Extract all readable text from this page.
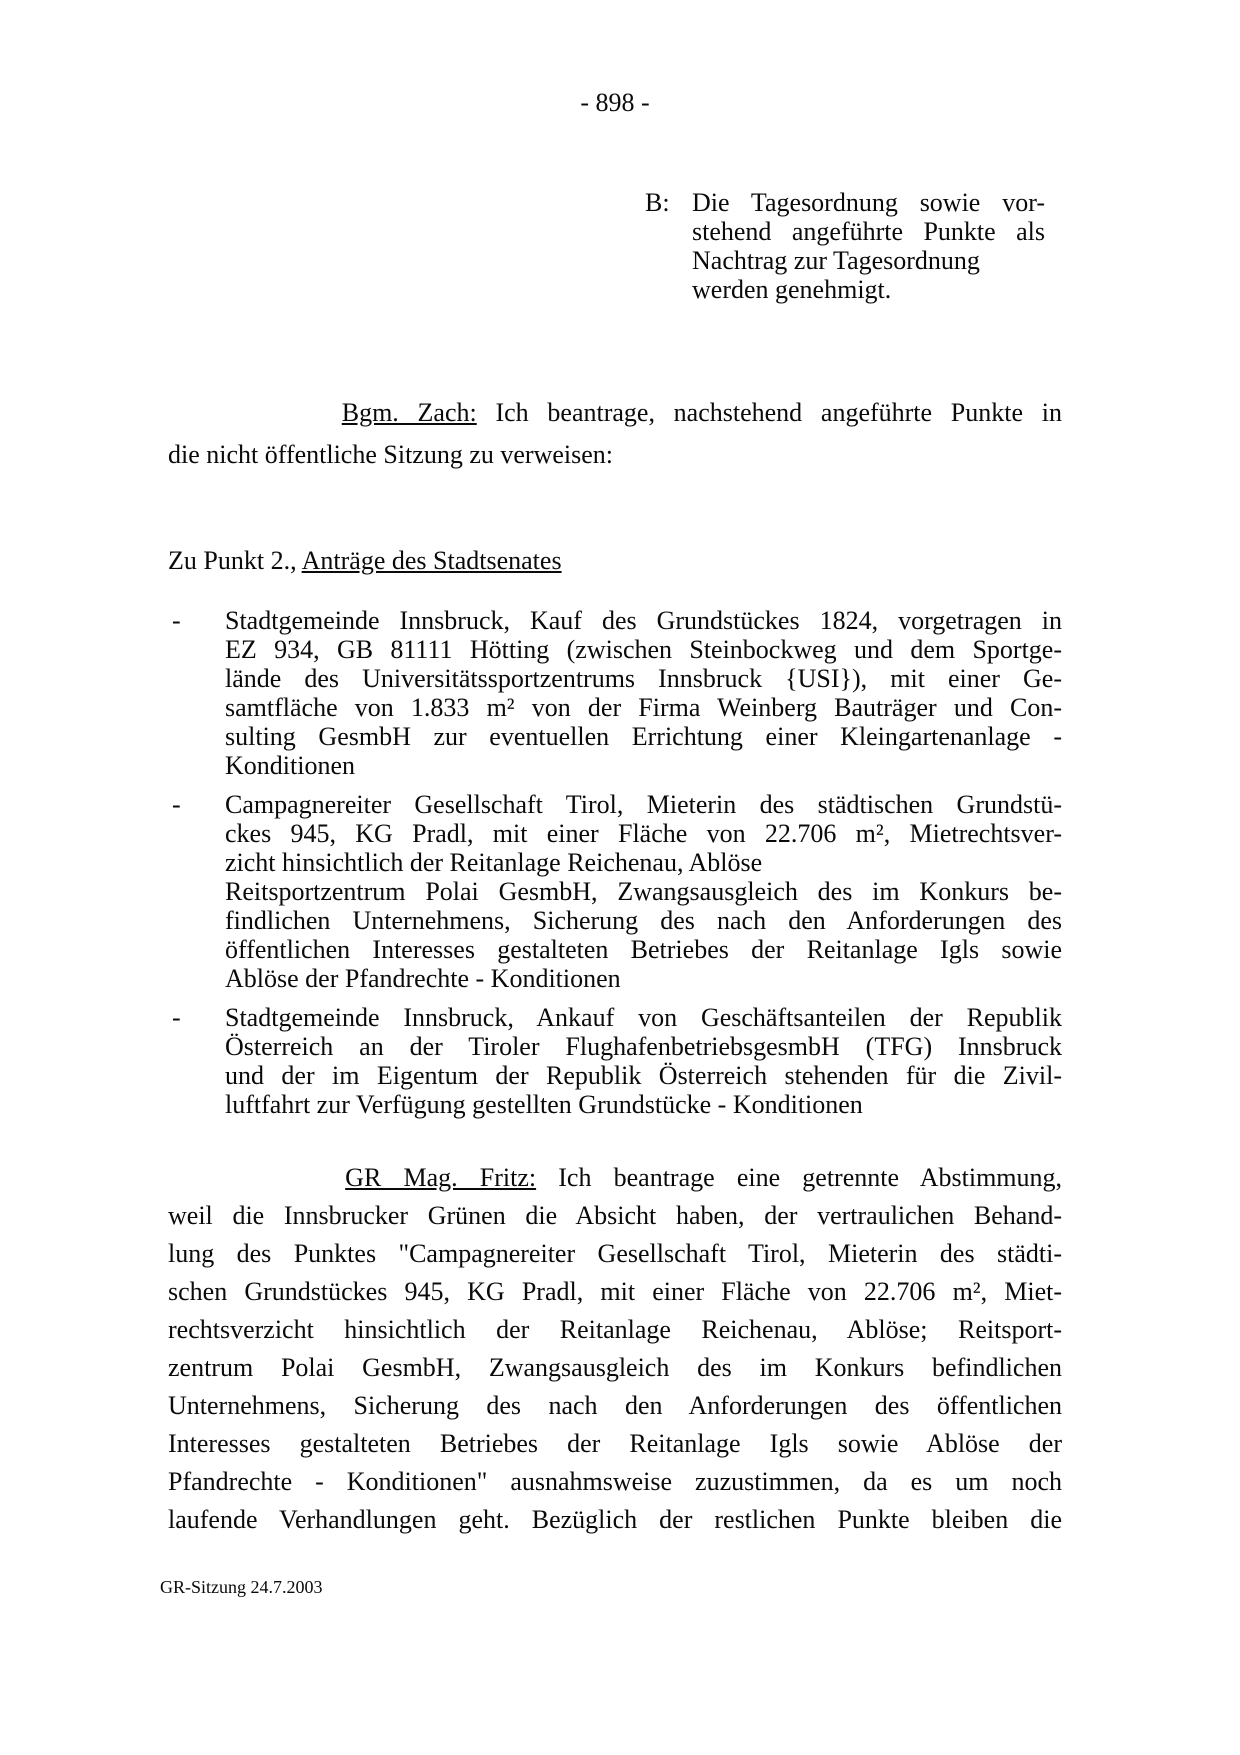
- 898 -
B: Die Tagesordnung sowie vor-
stehend angeführte Punkte als
Nachtrag zur Tagesordnung
werden genehmigt.
Bgm. Zach: Ich beantrage, nachstehend angeführte Punkte in
die nicht öffentliche Sitzung zu verweisen:
Zu Punkt 2., Anträge des Stadtsenates
- Stadtgemeinde Innsbruck, Kauf des Grundstückes 1824, vorgetragen in
EZ 934, GB 81111 Hötting (zwischen Steinbockweg und dem Sportge-
lände des Universitätssportzentrums Innsbruck {USI}), mit einer Ge-
samtfläche von 1.833 m² von der Firma Weinberg Bauträger und Con-
sulting GesmbH zur eventuellen Errichtung einer Kleingartenanlage -
Konditionen
- Campagnereiter Gesellschaft Tirol, Mieterin des städtischen Grundstü-
ckes 945, KG Pradl, mit einer Fläche von 22.706 m², Mietrechtsver-
zicht hinsichtlich der Reitanlage Reichenau, Ablöse
Reitsportzentrum Polai GesmbH, Zwangsausgleich des im Konkurs be-
findlichen Unternehmens, Sicherung des nach den Anforderungen des
öffentlichen Interesses gestalteten Betriebes der Reitanlage Igls sowie
Ablöse der Pfandrechte - Konditionen
- Stadtgemeinde Innsbruck, Ankauf von Geschäftsanteilen der Republik
Österreich an der Tiroler FlughafenbetriebsgesmbH (TFG) Innsbruck
und der im Eigentum der Republik Österreich stehenden für die Zivil-
luftfahrt zur Verfügung gestellten Grundstücke - Konditionen
GR Mag. Fritz: Ich beantrage eine getrennte Abstimmung,
weil die Innsbrucker Grünen die Absicht haben, der vertraulichen Behand-
lung des Punktes "Campagnereiter Gesellschaft Tirol, Mieterin des städti-
schen Grundstückes 945, KG Pradl, mit einer Fläche von 22.706 m², Miet-
rechtsverzicht hinsichtlich der Reitanlage Reichenau, Ablöse; Reitsport-
zentrum Polai GesmbH, Zwangsausgleich des im Konkurs befindlichen
Unternehmens, Sicherung des nach den Anforderungen des öffentlichen
Interesses gestalteten Betriebes der Reitanlage Igls sowie Ablöse der
Pfandrechte - Konditionen" ausnahmsweise zuzustimmen, da es um noch
laufende Verhandlungen geht. Bezüglich der restlichen Punkte bleiben die
GR-Sitzung 24.7.2003
